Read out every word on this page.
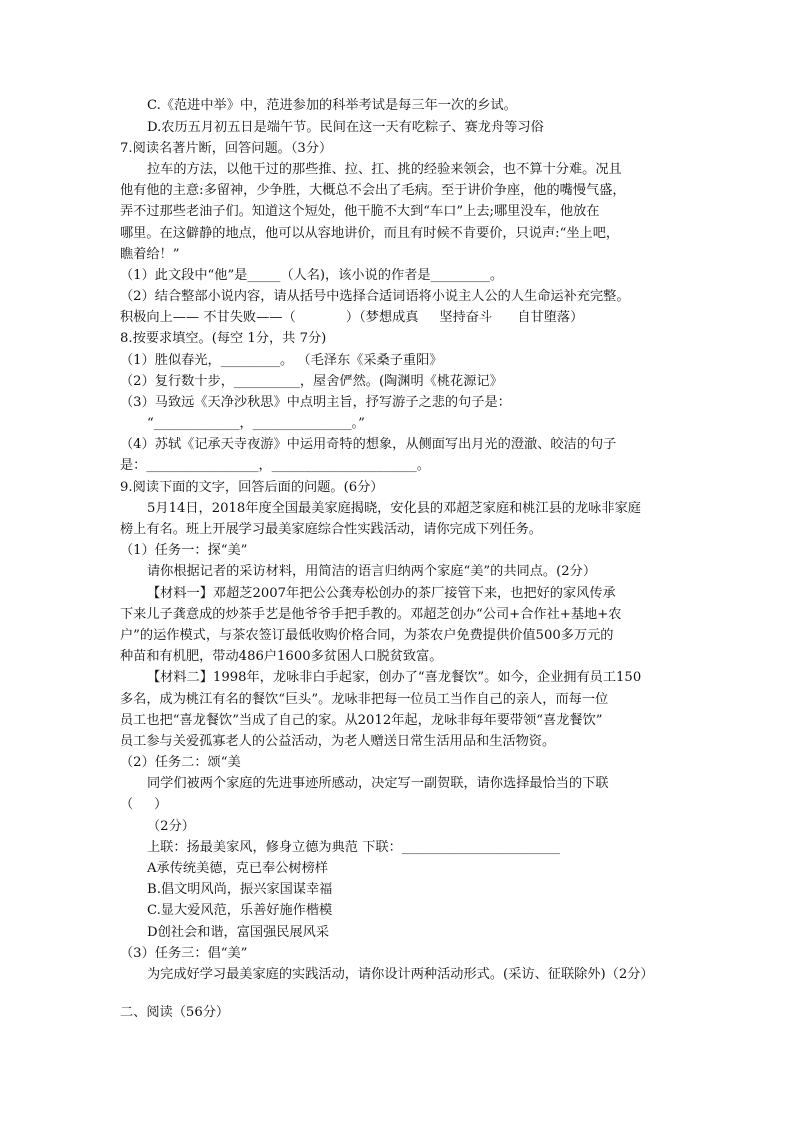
C.《范进中举》中，范进参加的科举考试是每三年一次的乡试。
D.农历五月初五日是端午节。民间在这一天有吃粽子、赛龙舟等习俗
7.阅读名著片断，回答问题。（3分）
拉车的方法，以他干过的那些推、拉、扛、挑的经验来领会，也不算十分难。况且
他有他的主意:多留神，少争胜，大概总不会出了毛病。至于讲价争座，他的嘴慢气盛，
弄不过那些老油子们。知道这个短处，他干脆不大到“车口”上去;哪里没车，他放在
哪里。在这僻静的地点，他可以从容地讲价，而且有时候不肯要价，只说声:“坐上吧，
瞧着给！”
（1）此文段中“他”是_____（人名)，该小说的作者是_________。
（2）结合整部小说内容，请从括号中选择合适词语将小说主人公的人生命运补充完整。
积极向上—— 不甘失败——（            ）（梦想成真     坚持奋斗      自甘堕落）
8.按要求填空。(每空 1分，共 7分)
（1）胜似春光，_________。 （毛泽东《采桑子重阳》
（2）复行数十步，__________，屋舍俨然。(陶渊明《桃花源记》
（3）马致远《天净沙秋思》中点明主旨，抒写游子之悲的句子是：
“_____________，_______________。”
（4）苏轼《记承天寺夜游》中运用奇特的想象，从侧面写出月光的澄澈、皎洁的句子
是：_________________，______________________。
9.阅读下面的文字，回答后面的问题。(6分）
5月14日，2018年度全国最美家庭揭晓，安化县的邓超芝家庭和桃江县的龙咏非家庭
榜上有名。班上开展学习最美家庭综合性实践活动，请你完成下列任务。
（1）任务一：探“美”
请你根据记者的采访材料，用简洁的语言归纳两个家庭“美”的共同点。(2分）
【材料一】邓超芝2007年把公公龚寿松创办的茶厂接管下来，也把好的家风传承
下来儿子龚意成的炒茶手艺是他爷爷手把手教的。邓超芝创办“公司+合作社+基地+农
户”的运作模式，与茶农签订最低收购价格合同，为茶农户免费提供价值500多万元的
种苗和有机肥，带动486户1600多贫困人口脱贫致富。
【材料二】1998年，龙咏非白手起家，创办了“喜龙餐饮”。如今，企业拥有员工150
多名，成为桃江有名的餐饮“巨头”。龙咏非把每一位员工当作自己的亲人，而每一位
员工也把“喜龙餐饮”当成了自己的家。从2012年起，龙咏非每年要带领“喜龙餐饮”
员工参与关爱孤寡老人的公益活动，为老人赠送日常生活用品和生活物资。
（2）任务二：颂“美
同学们被两个家庭的先进事迹所感动，决定写一副贺联，请你选择最恰当的下联
（     ）
（2分）
上联：扬最美家风，修身立德为典范 下联：________________________
A承传统美德，克已奉公树榜样
B.倡文明风尚，振兴家国谋幸福
C.显大爱风范，乐善好施作楷模
D创社会和谐，富国强民展风采
（3）任务三：倡“美”
为完成好学习最美家庭的实践活动，请你设计两种活动形式。(采访、征联除外)（2分）
二、阅读（56分）
